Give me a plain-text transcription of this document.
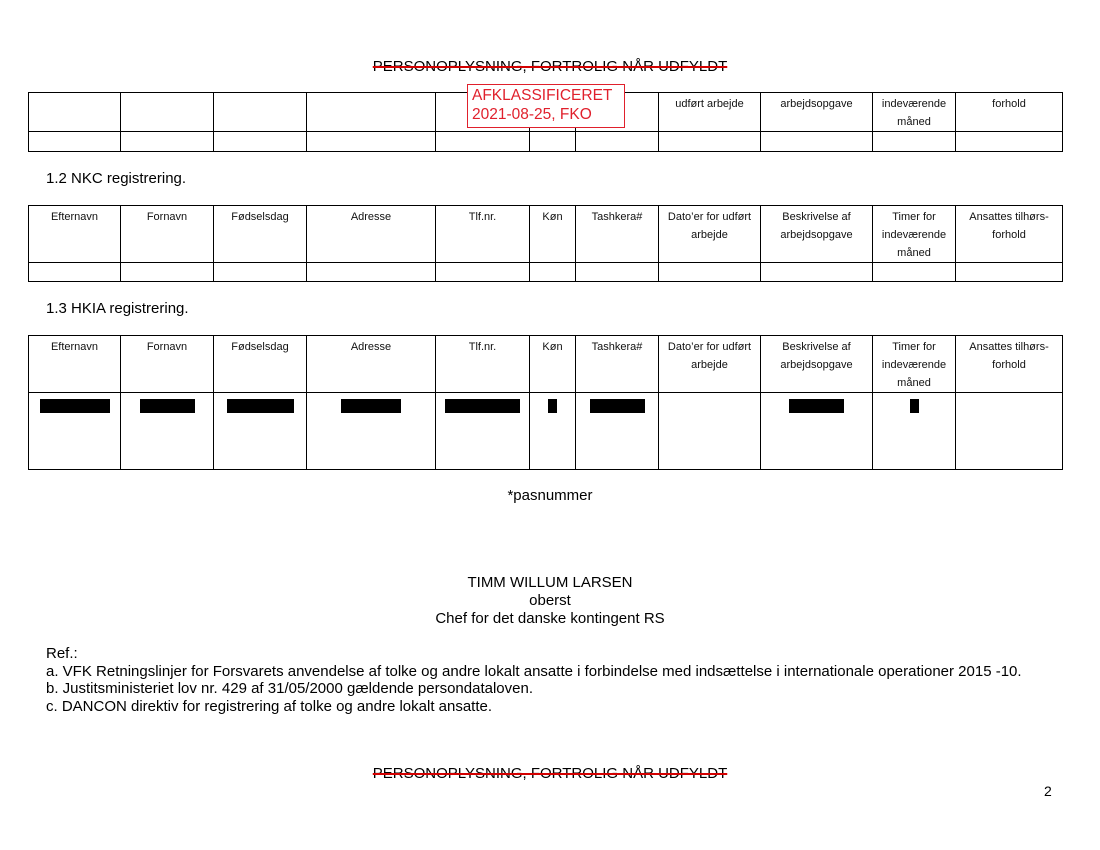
PERSONOPLYSNING, FORTROLIG NÅR UDFYLDT
							udført arbejde	arbejdsopgave	indeværende måned	forhold

AFKLASSIFICERET
2021-08-25, FKO
1.2 NKC registrering.
Efternavn	Fornavn	Fødselsdag	Adresse	Tlf.nr.	Køn	Tashkera#	Dato’er for udført arbejde	Beskrivelse af arbejdsopgave	Timer for indeværende måned	Ansattes tilhørs-forhold

1.3 HKIA registrering.
Efternavn	Fornavn	Fødselsdag	Adresse	Tlf.nr.	Køn	Tashkera#	Dato’er for udført arbejde	Beskrivelse af arbejdsopgave	Timer for indeværende måned	Ansattes tilhørs-forhold

*pasnummer
TIMM WILLUM LARSEN
oberst
Chef for det danske kontingent RS
Ref.:
a. VFK Retningslinjer for Forsvarets anvendelse af tolke og andre lokalt ansatte i forbindelse med indsættelse i internationale operationer 2015 -10.
b. Justitsministeriet lov nr. 429 af 31/05/2000 gældende persondataloven.
c. DANCON direktiv for registrering af tolke og andre lokalt ansatte.
PERSONOPLYSNING, FORTROLIG NÅR UDFYLDT
2
